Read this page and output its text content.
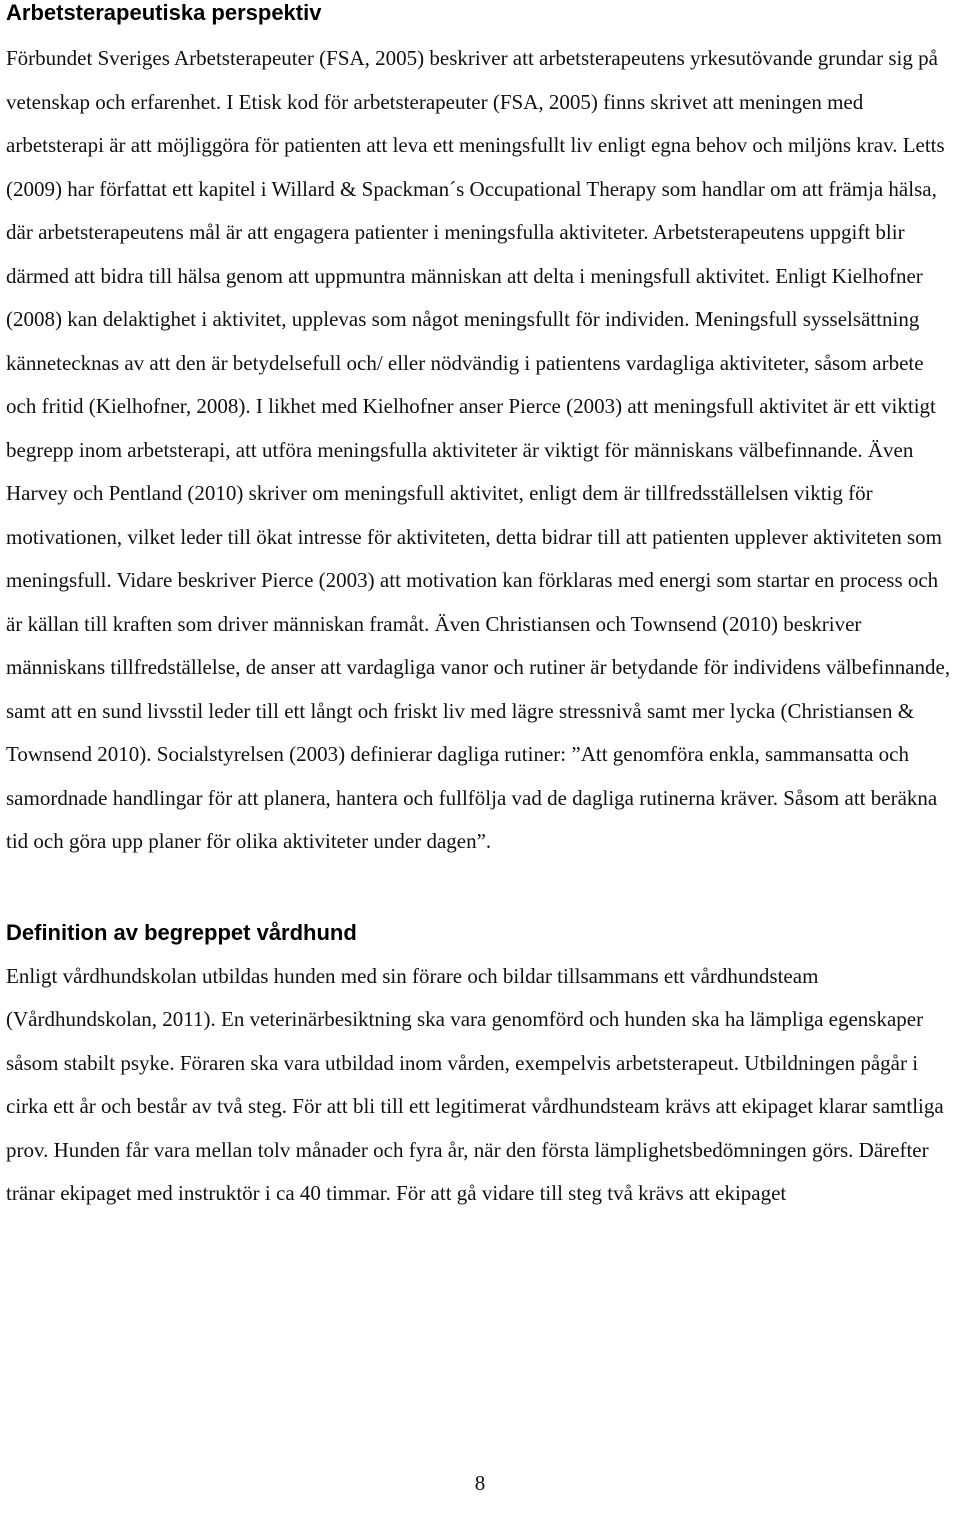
Arbetsterapeutiska perspektiv

Förbundet Sveriges Arbetsterapeuter (FSA, 2005) beskriver att arbetsterapeutens yrkesutövande grundar sig på vetenskap och erfarenhet. I Etisk kod för arbetsterapeuter (FSA, 2005) finns skrivet att meningen med arbetsterapi är att möjliggöra för patienten att leva ett meningsfullt liv enligt egna behov och miljöns krav. Letts (2009) har författat ett kapitel i Willard & Spackman´s Occupational Therapy som handlar om att främja hälsa, där arbetsterapeutens mål är att engagera patienter i meningsfulla aktiviteter. Arbetsterapeutens uppgift blir därmed att bidra till hälsa genom att uppmuntra människan att delta i meningsfull aktivitet. Enligt Kielhofner (2008) kan delaktighet i aktivitet, upplevas som något meningsfullt för individen. Meningsfull sysselsättning kännetecknas av att den är betydelsefull och/ eller nödvändig i patientens vardagliga aktiviteter, såsom arbete och fritid (Kielhofner, 2008). I likhet med Kielhofner anser Pierce (2003) att meningsfull aktivitet är ett viktigt begrepp inom arbetsterapi, att utföra meningsfulla aktiviteter är viktigt för människans välbefinnande. Även Harvey och Pentland (2010) skriver om meningsfull aktivitet, enligt dem är tillfredsställelsen viktig för motivationen, vilket leder till ökat intresse för aktiviteten, detta bidrar till att patienten upplever aktiviteten som meningsfull. Vidare beskriver Pierce (2003) att motivation kan förklaras med energi som startar en process och är källan till kraften som driver människan framåt. Även Christiansen och Townsend (2010) beskriver människans tillfredställelse, de anser att vardagliga vanor och rutiner är betydande för individens välbefinnande, samt att en sund livsstil leder till ett långt och friskt liv med lägre stressnivå samt mer lycka (Christiansen & Townsend 2010). Socialstyrelsen (2003) definierar dagliga rutiner: ”Att genomföra enkla, sammansatta och samordnade handlingar för att planera, hantera och fullfölja vad de dagliga rutinerna kräver. Såsom att beräkna tid och göra upp planer för olika aktiviteter under dagen”.

Definition av begreppet vårdhund

Enligt vårdhundskolan utbildas hunden med sin förare och bildar tillsammans ett vårdhundsteam (Vårdhundskolan, 2011). En veterinärbesiktning ska vara genomförd och hunden ska ha lämpliga egenskaper såsom stabilt psyke. Föraren ska vara utbildad inom vården, exempelvis arbetsterapeut. Utbildningen pågår i cirka ett år och består av två steg. För att bli till ett legitimerat vårdhundsteam krävs att ekipaget klarar samtliga prov. Hunden får vara mellan tolv månader och fyra år, när den första lämplighetsbedömningen görs. Därefter tränar ekipaget med instruktör i ca 40 timmar. För att gå vidare till steg två krävs att ekipaget

8
